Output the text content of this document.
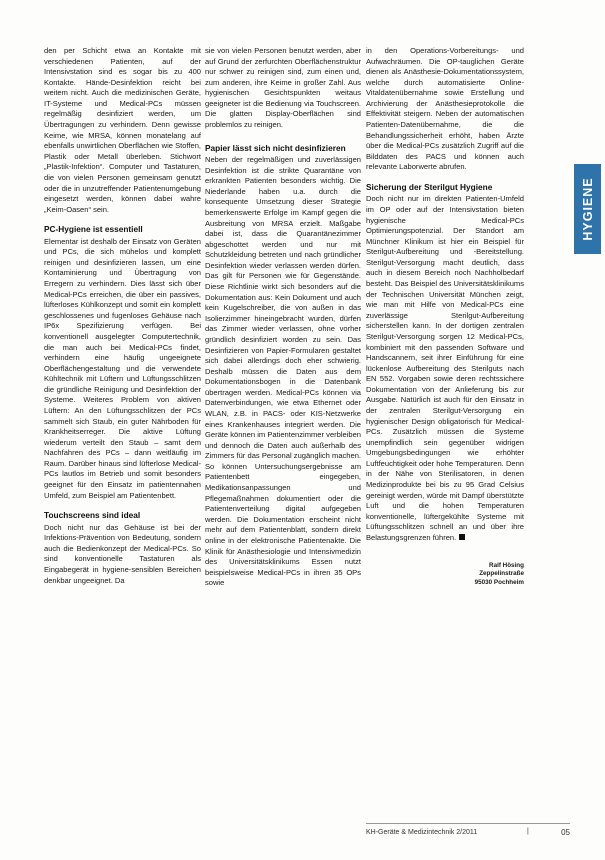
HYGIENE

den per Schicht etwa an Kontakte mit verschiedenen Patienten, auf der Intensivstation sind es sogar bis zu 400 Kontakte. Hände-Desinfektion reicht bei weitem nicht. Auch die medizinischen Geräte, IT-Systeme und Medical-PCs müssen regelmäßig desinfiziert werden, um Übertragungen zu verhindern. Denn gewisse Keime, wie MRSA, können monatelang auf ebenfalls unwirtlichen Oberflächen wie Stoffen, Plastik oder Metall überleben. Stichwort „Plastik-Infektion“. Computer und Tastaturen, die von vielen Personen gemeinsam genutzt oder die in unzutreffender Patientenumgebung eingesetzt werden, können dabei wahre „Keim-Oasen“ sein.

PC-Hygiene ist essentiell

Elementar ist deshalb der Einsatz von Geräten und PCs, die sich mühelos und komplett reinigen und desinfizieren lassen, um eine Kontaminierung und Übertragung von Erregern zu verhindern. Dies lässt sich über Medical-PCs erreichen, die über ein passives, lüfterloses Kühlkonzept und somit ein komplett geschlossenes und fugenloses Gehäuse nach IP6x Spezifizierung verfügen. Bei konventionell ausgelegter Computertechnik, die man auch bei Medical-PCs findet, verhindern eine häufig ungeeignete Oberflächengestaltung und die verwendete Kühltechnik mit Lüftern und Lüftungsschlitzen die gründliche Reinigung und Desinfektion der Systeme. Weiteres Problem von aktiven Lüftern: An den Lüftungsschlitzen der PCs sammelt sich Staub, ein guter Nährboden für Krankheitserreger. Die aktive Lüftung wiederum verteilt den Staub – samt dem Nachfahren des PCs – dann weitläufig im Raum. Darüber hinaus sind lüfterlose Medical-PCs lautlos im Betrieb und somit besonders geeignet für den Einsatz im patientennahen Umfeld, zum Beispiel am Patientenbett.

Touchscreens sind ideal

Doch nicht nur das Gehäuse ist bei der Infektions-Prävention von Bedeutung, sondern auch die Bedienkonzept der Medical-PCs. So sind konventionelle Tastaturen als Eingabegerät in hygiene-sensiblen Bereichen denkbar ungeeignet. Da

sie von vielen Personen benutzt werden, aber auf Grund der zerfurchten Oberflächenstruktur nur schwer zu reinigen sind, zum einen und, zum anderen, ihre Keime in großer Zahl. Aus hygienischen Gesichtspunkten weitaus geeigneter ist die Bedienung via Touchscreen. Die glatten Display-Oberflächen sind problemlos zu reinigen.

Papier lässt sich nicht desinfizieren

Neben der regelmäßigen und zuverlässigen Desinfektion ist die strikte Quarantäne von erkrankten Patienten besonders wichtig. Die Niederlande haben u.a. durch die konsequente Umsetzung dieser Strategie bemerkenswerte Erfolge im Kampf gegen die Ausbreitung von MRSA erzielt. Maßgabe dabei ist, dass die Quarantänezimmer abgeschottet werden und nur mit Schutzkleidung betreten und nach gründlicher Desinfektion wieder verlassen werden dürfen. Das gilt für Personen wie für Gegenstände. Diese Richtlinie wirkt sich besonders auf die Dokumentation aus: Kein Dokument und auch kein Kugelschreiber, die von außen in das Isolierzimmer hineingebracht wurden, dürfen das Zimmer wieder verlassen, ohne vorher gründlich desinfiziert worden zu sein. Das Desinfizieren von Papier-Formularen gestaltet sich dabei allerdings doch eher schwierig. Deshalb müssen die Daten aus dem Dokumentationsbogen in die Datenbank übertragen werden. Medical-PCs können via Datenverbindungen, wie etwa Ethernet oder WLAN, z.B. in PACS- oder KIS-Netzwerke eines Krankenhauses integriert werden. Die Geräte können im Patientenzimmer verbleiben und dennoch die Daten auch außerhalb des Zimmers für das Personal zugänglich machen. So können Untersuchungsergebnisse am Patientenbett eingegeben, Medikationsanpassungen und Pflegemaßnahmen dokumentiert oder die Patientenverteilung digital aufgegeben werden. Die Dokumentation erscheint nicht mehr auf dem Patientenblatt, sondern direkt online in der elektronische Patientenakte. Die Klinik für Anästhesiologie und Intensivmedizin des Universitätsklinikums Essen nutzt beispielsweise Medical-PCs in ihren 35 OPs sowie

in den Operations-Vorbereitungs- und Aufwachräumen. Die OP-tauglichen Geräte dienen als Anästhesie-Dokumentationssystem, welche durch automatisierte Online-Vitaldatenübernahme sowie Erstellung und Archivierung der Anästhesieprotokolle die Effektivität steigern. Neben der automatischen Patienten-Datenübernahme, die die Behandlungssicherheit erhöht, haben Ärzte über die Medical-PCs zusätzlich Zugriff auf die Bilddaten des PACS und können auch relevante Laborwerte abrufen.

Sicherung der Sterilgut Hygiene

Doch nicht nur im direkten Patienten-Umfeld im OP oder auf der Intensivstation bieten hygienische Medical-PCs Optimierungspotenzial. Der Standort am Münchner Klinikum ist hier ein Beispiel für Sterilgut-Aufbereitung und -Bereitstellung. Sterilgut-Versorgung macht deutlich, dass auch in diesem Bereich noch Nachholbedarf besteht. Das Beispiel des Universitätsklinikums der Technischen Universität München zeigt, wie man mit Hilfe von Medical-PCs eine zuverlässige Sterilgut-Aufbereitung sicherstellen kann. In der dortigen zentralen Sterilgut-Versorgung sorgen 12 Medical-PCs, kombiniert mit den passenden Software und Handscannern, seit ihrer Einführung für eine lückenlose Aufbereitung des Sterilguts nach EN 552. Vorgaben sowie deren rechtssichere Dokumentation von der Anlieferung bis zur Ausgabe. Natürlich ist auch für den Einsatz in der zentralen Sterilgut-Versorgung ein hygienischer Design obligatorisch für Medical-PCs. Zusätzlich müssen die Systeme unempfindlich sein gegenüber widrigen Umgebungsbedingungen wie erhöhter Luftfeuchtigkeit oder hohe Temperaturen. Denn in der Nähe von Sterilisatoren, in denen Medizinprodukte bei bis zu 95 Grad Celsius gereinigt werden, würde mit Dampf überstützte Luft und die hohen Temperaturen konventionelle, lüftergekühlte Systeme mit Lüftungsschlitzen schnell an und über ihre Belastungsgrenzen führen.

Ralf Hösing
Zeppelinstraße
95030 Pochheim
KH-Geräte & Medizintechnik 2/2011	|	05
